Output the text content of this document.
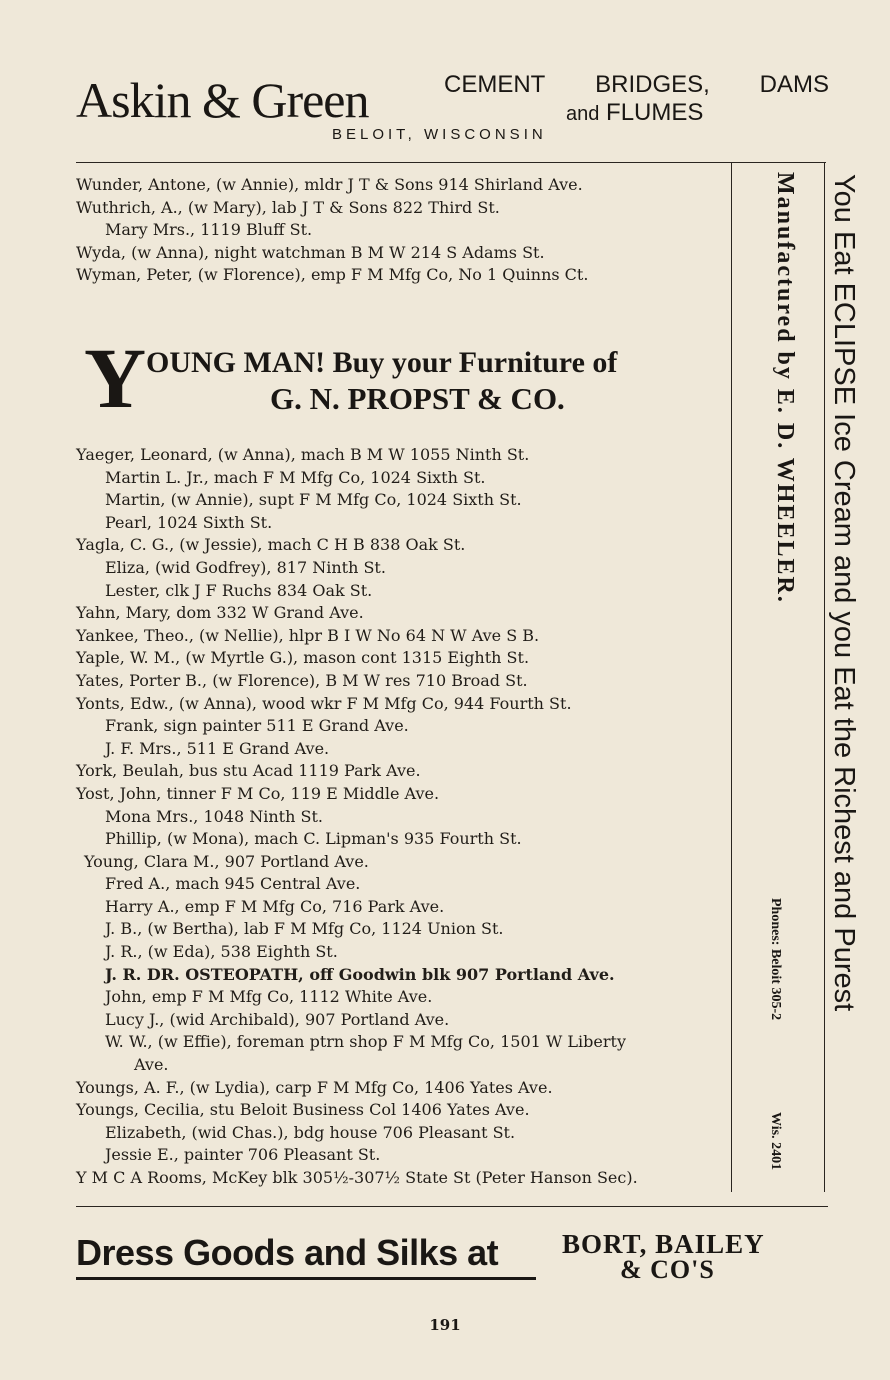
Askin & Green	CEMENT BRIDGES, DAMS
and FLUMES
BELOIT, WISCONSIN
Wunder, Antone, (w Annie), mldr J T & Sons 914 Shirland Ave.
Wuthrich, A., (w Mary), lab J T & Sons 822 Third St.
Mary Mrs., 1119 Bluff St.
Wyda, (w Anna), night watchman B M W 214 S Adams St.
Wyman, Peter, (w Florence), emp F M Mfg Co, No 1 Quinns Ct.
Y OUNG MAN! Buy your Furniture of
G. N. PROPST & CO.
Yaeger, Leonard, (w Anna), mach B M W 1055 Ninth St.
Martin L. Jr., mach F M Mfg Co, 1024 Sixth St.
Martin, (w Annie), supt F M Mfg Co, 1024 Sixth St.
Pearl, 1024 Sixth St.
Yagla, C. G., (w Jessie), mach C H B 838 Oak St.
Eliza, (wid Godfrey), 817 Ninth St.
Lester, clk J F Ruchs 834 Oak St.
Yahn, Mary, dom 332 W Grand Ave.
Yankee, Theo., (w Nellie), hlpr B I W No 64 N W Ave S B.
Yaple, W. M., (w Myrtle G.), mason cont 1315 Eighth St.
Yates, Porter B., (w Florence), B M W res 710 Broad St.
Yonts, Edw., (w Anna), wood wkr F M Mfg Co, 944 Fourth St.
Frank, sign painter 511 E Grand Ave.
J. F. Mrs., 511 E Grand Ave.
York, Beulah, bus stu Acad 1119 Park Ave.
Yost, John, tinner F M Co, 119 E Middle Ave.
Mona Mrs., 1048 Ninth St.
Phillip, (w Mona), mach C. Lipman's 935 Fourth St.
Young, Clara M., 907 Portland Ave.
Fred A., mach 945 Central Ave.
Harry A., emp F M Mfg Co, 716 Park Ave.
J. B., (w Bertha), lab F M Mfg Co, 1124 Union St.
J. R., (w Eda), 538 Eighth St.
J. R. DR. OSTEOPATH, off Goodwin blk 907 Portland Ave.
John, emp F M Mfg Co, 1112 White Ave.
Lucy J., (wid Archibald), 907 Portland Ave.
W. W., (w Effie), foreman ptrn shop F M Mfg Co, 1501 W Liberty
Ave.
Youngs, A. F., (w Lydia), carp F M Mfg Co, 1406 Yates Ave.
Youngs, Cecilia, stu Beloit Business Col 1406 Yates Ave.
Elizabeth, (wid Chas.), bdg house 706 Pleasant St.
Jessie E., painter 706 Pleasant St.
Y M C A Rooms, McKey blk 305½-307½ State St (Peter Hanson Sec).
You Eat ECLIPSE Ice Cream and you Eat the Richest and Purest
Manufactured by E. D. WHEELER.
Phones: Beloit 305-2
Wis. 2401
Dress Goods and Silks at BORT, BAILEY
& CO'S
191
